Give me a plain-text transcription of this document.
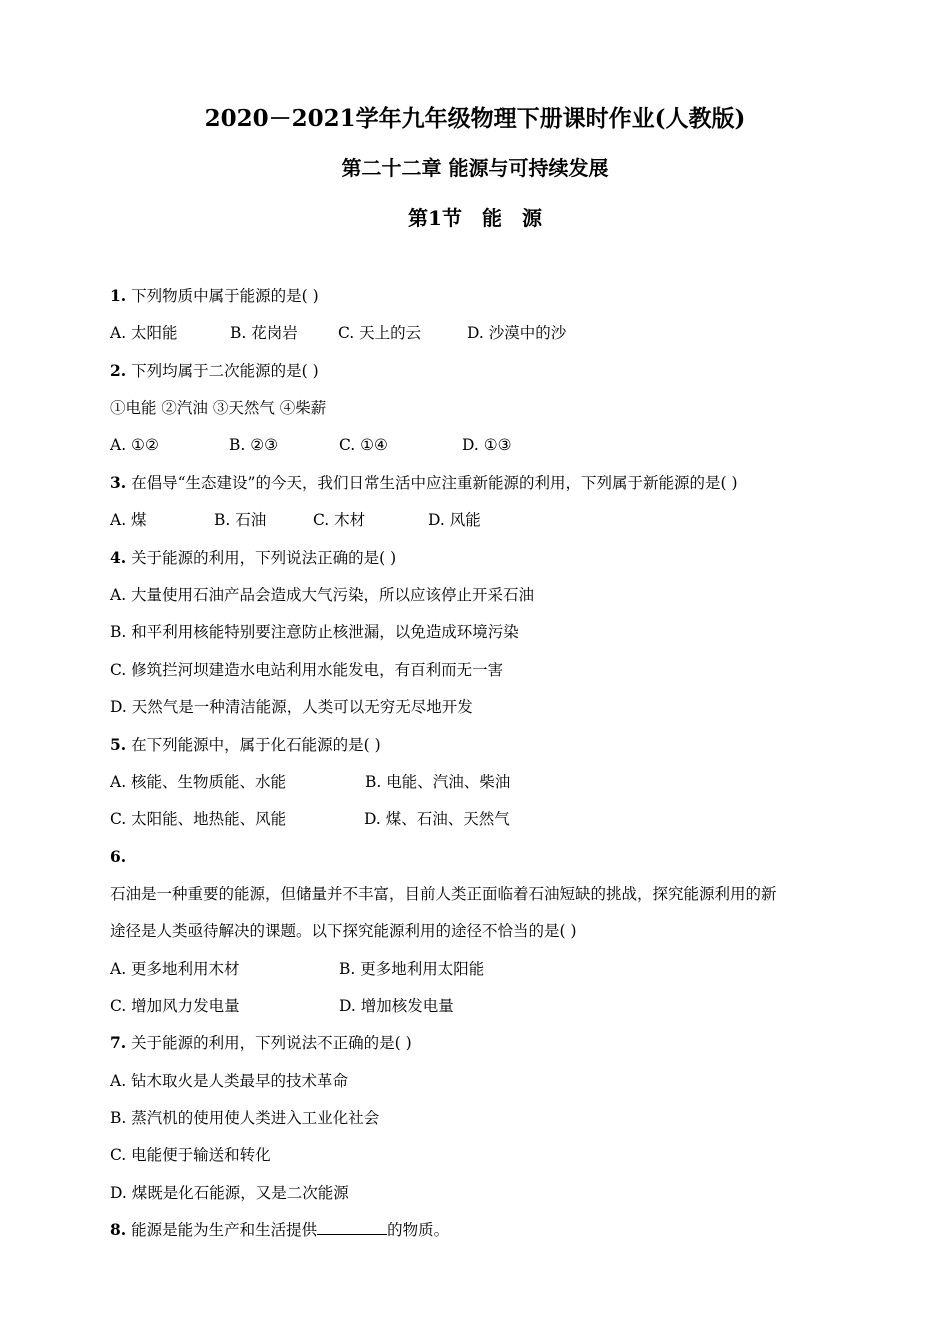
2020－2021学年九年级物理下册课时作业(人教版)
第二十二章 能源与可持续发展
第1节 能 源
1. 下列物质中属于能源的是( )
A. 太阳能	B. 花岗岩	C. 天上的云	D. 沙漠中的沙
2. 下列均属于二次能源的是( )
①电能 ②汽油 ③天然气 ④柴薪
A. ①②	B. ②③	C. ①④	D. ①③
3. 在倡导“生态建设”的今天，我们日常生活中应注重新能源的利用，下列属于新能源的是( )
A. 煤	B. 石油	C. 木材	D. 风能
4. 关于能源的利用，下列说法正确的是( )
A. 大量使用石油产品会造成大气污染，所以应该停止开采石油
B. 和平利用核能特别要注意防止核泄漏，以免造成环境污染
C. 修筑拦河坝建造水电站利用水能发电，有百利而无一害
D. 天然气是一种清洁能源，人类可以无穷无尽地开发
5. 在下列能源中，属于化石能源的是( )
A. 核能、生物质能、水能	B. 电能、汽油、柴油
C. 太阳能、地热能、风能	D. 煤、石油、天然气
6.
石油是一种重要的能源，但储量并不丰富，目前人类正面临着石油短缺的挑战，探究能源利用的新
途径是人类亟待解决的课题。以下探究能源利用的途径不恰当的是( )
A. 更多地利用木材	B. 更多地利用太阳能
C. 增加风力发电量	D. 增加核发电量
7. 关于能源的利用，下列说法不正确的是( )
A. 钻木取火是人类最早的技术革命
B. 蒸汽机的使用使人类进入工业化社会
C. 电能便于输送和转化
D. 煤既是化石能源，又是二次能源
8. 能源是能为生产和生活提供	的物质。
